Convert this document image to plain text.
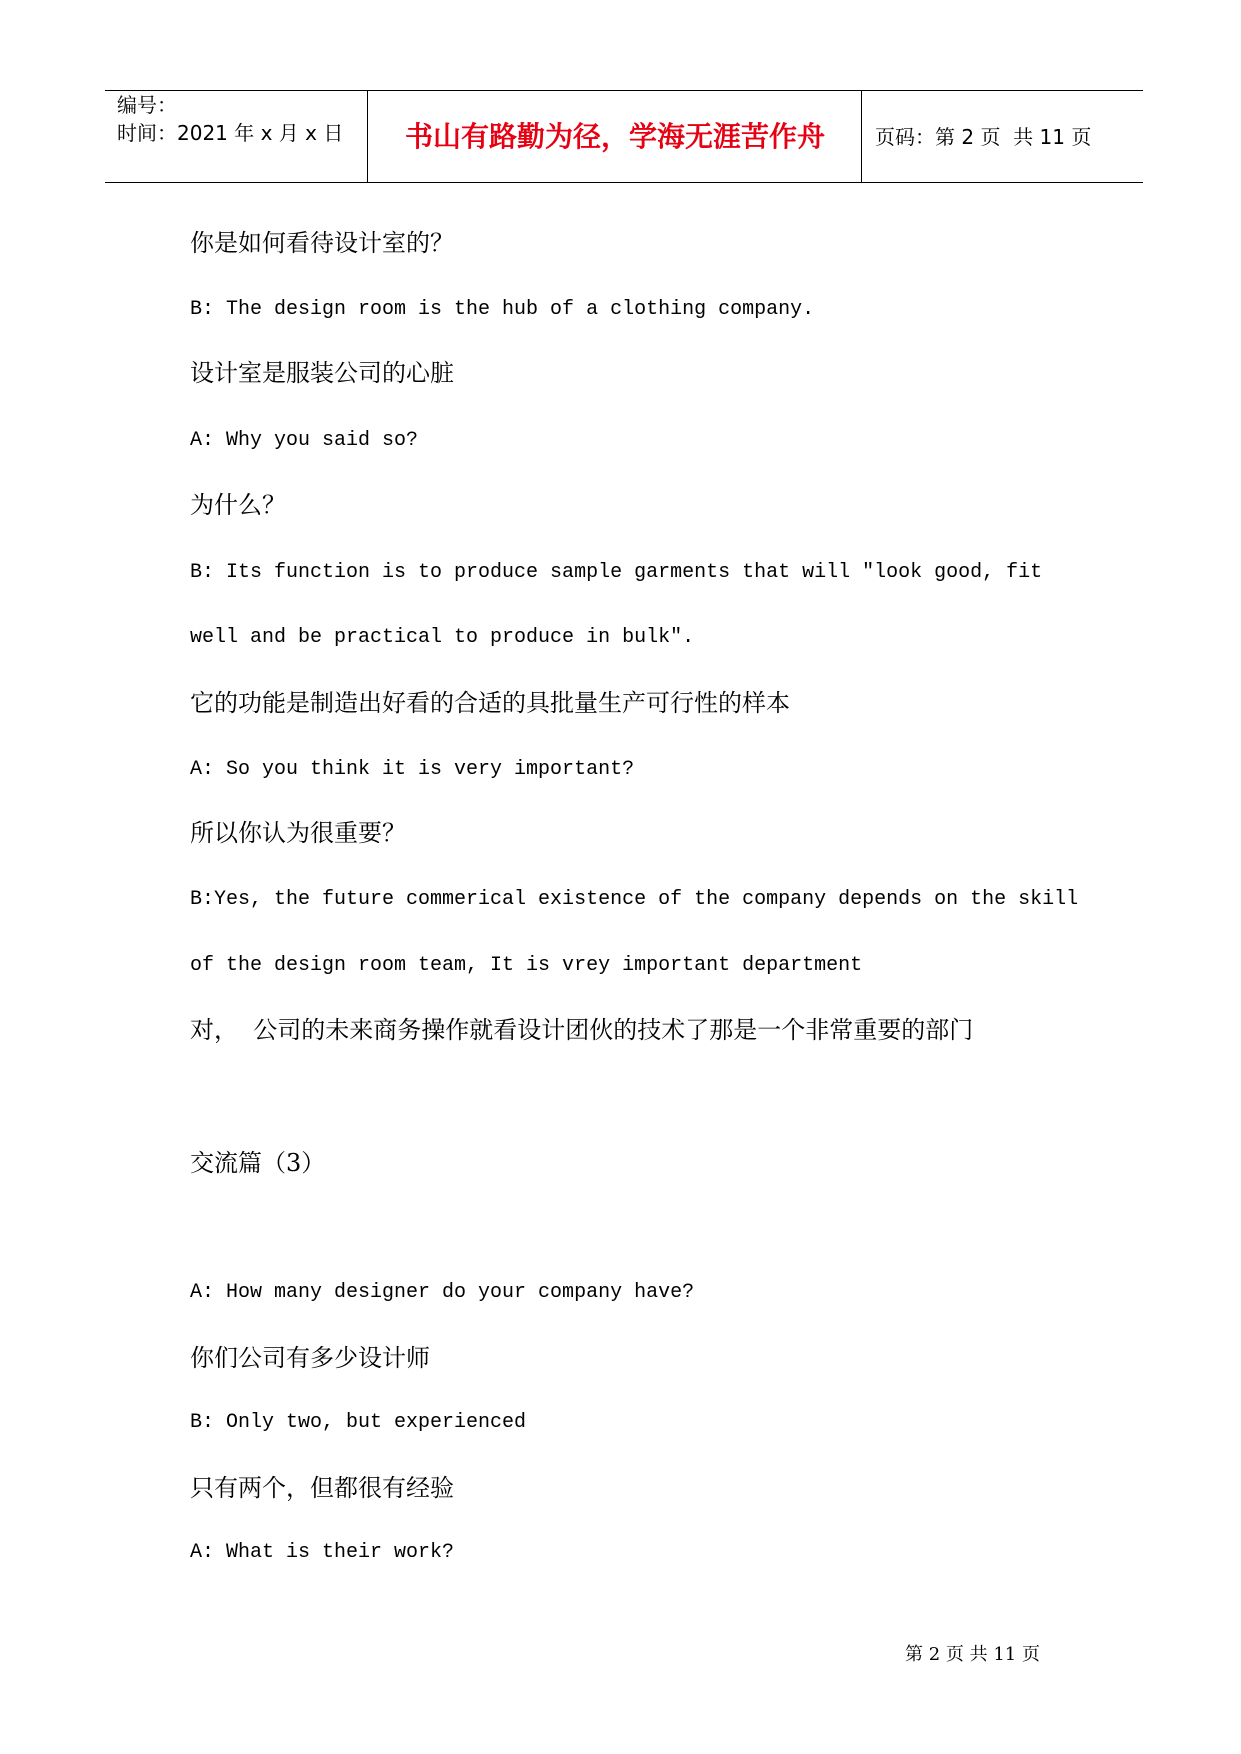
编号：
时间：2021 年 x 月 x 日	书山有路勤为径，学海无涯苦作舟	页码：第 2 页  共 11 页
你是如何看待设计室的？
B: The design room is the hub of a clothing company.
设计室是服装公司的心脏
A: Why you said so?
为什么？
B: Its function is to produce sample garments that will ″look good, fit
well and be practical to produce in bulk″.
它的功能是制造出好看的合适的具批量生产可行性的样本
A: So you think it is very important?
所以你认为很重要？
B:Yes, the future commerical existence of the company depends on the skill
of the design room team, It is vrey important department
对，  公司的未来商务操作就看设计团伙的技术了那是一个非常重要的部门
交流篇（3）
A: How many designer do your company have?
你们公司有多少设计师
B: Only two, but experienced
只有两个，但都很有经验
A: What is their work?
第 2 页 共 11 页
